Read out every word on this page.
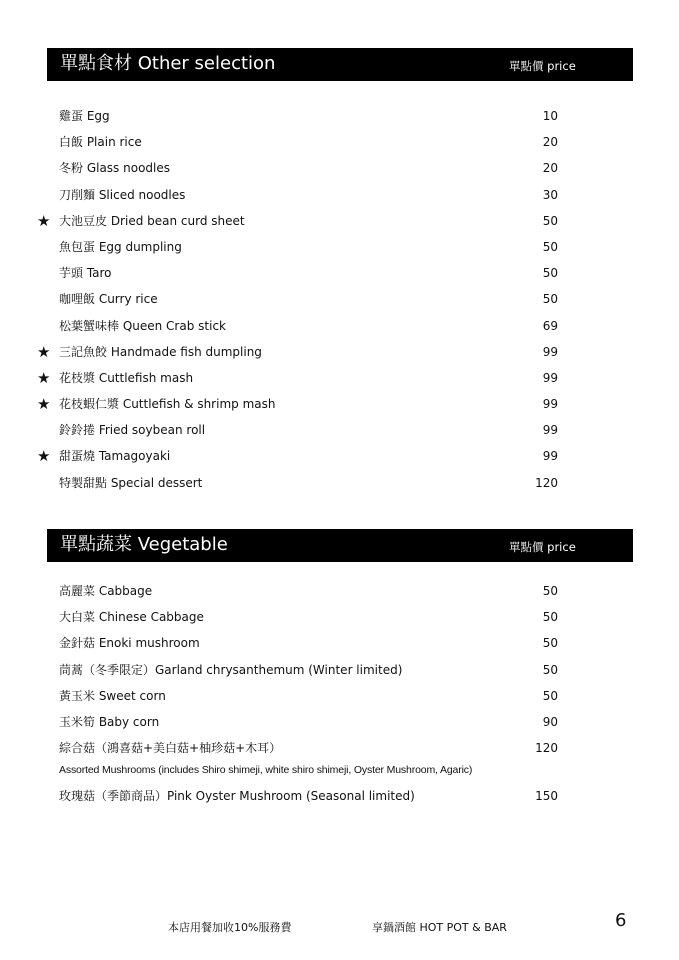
單點食材 Other selection	單點價 price
雞蛋 Egg	10
白飯 Plain rice	20
冬粉 Glass noodles	20
刀削麵 Sliced noodles	30
★ 大池豆皮 Dried bean curd sheet	50
魚包蛋 Egg dumpling	50
芋頭 Taro	50
咖哩飯 Curry rice	50
松葉蟹味棒 Queen Crab stick	69
★ 三記魚餃 Handmade fish dumpling	99
★ 花枝漿 Cuttlefish mash	99
★ 花枝蝦仁漿 Cuttlefish & shrimp mash	99
鈴鈴捲 Fried soybean roll	99
★ 甜蛋燒 Tamagoyaki	99
特製甜點 Special dessert	120
單點蔬菜 Vegetable	單點價 price
高麗菜 Cabbage	50
大白菜 Chinese Cabbage	50
金針菇 Enoki mushroom	50
茼蒿（冬季限定）Garland chrysanthemum (Winter limited)	50
黃玉米 Sweet corn	50
玉米筍 Baby corn	90
綜合菇（鴻喜菇+美白菇+柚珍菇+木耳）	120
Assorted Mushrooms (includes Shiro shimeji, white shiro shimeji, Oyster Mushroom, Agaric)
玫瑰菇（季節商品）Pink Oyster Mushroom (Seasonal limited)	150
本店用餐加收10%服務費	享鍋酒館 HOT POT & BAR	6
